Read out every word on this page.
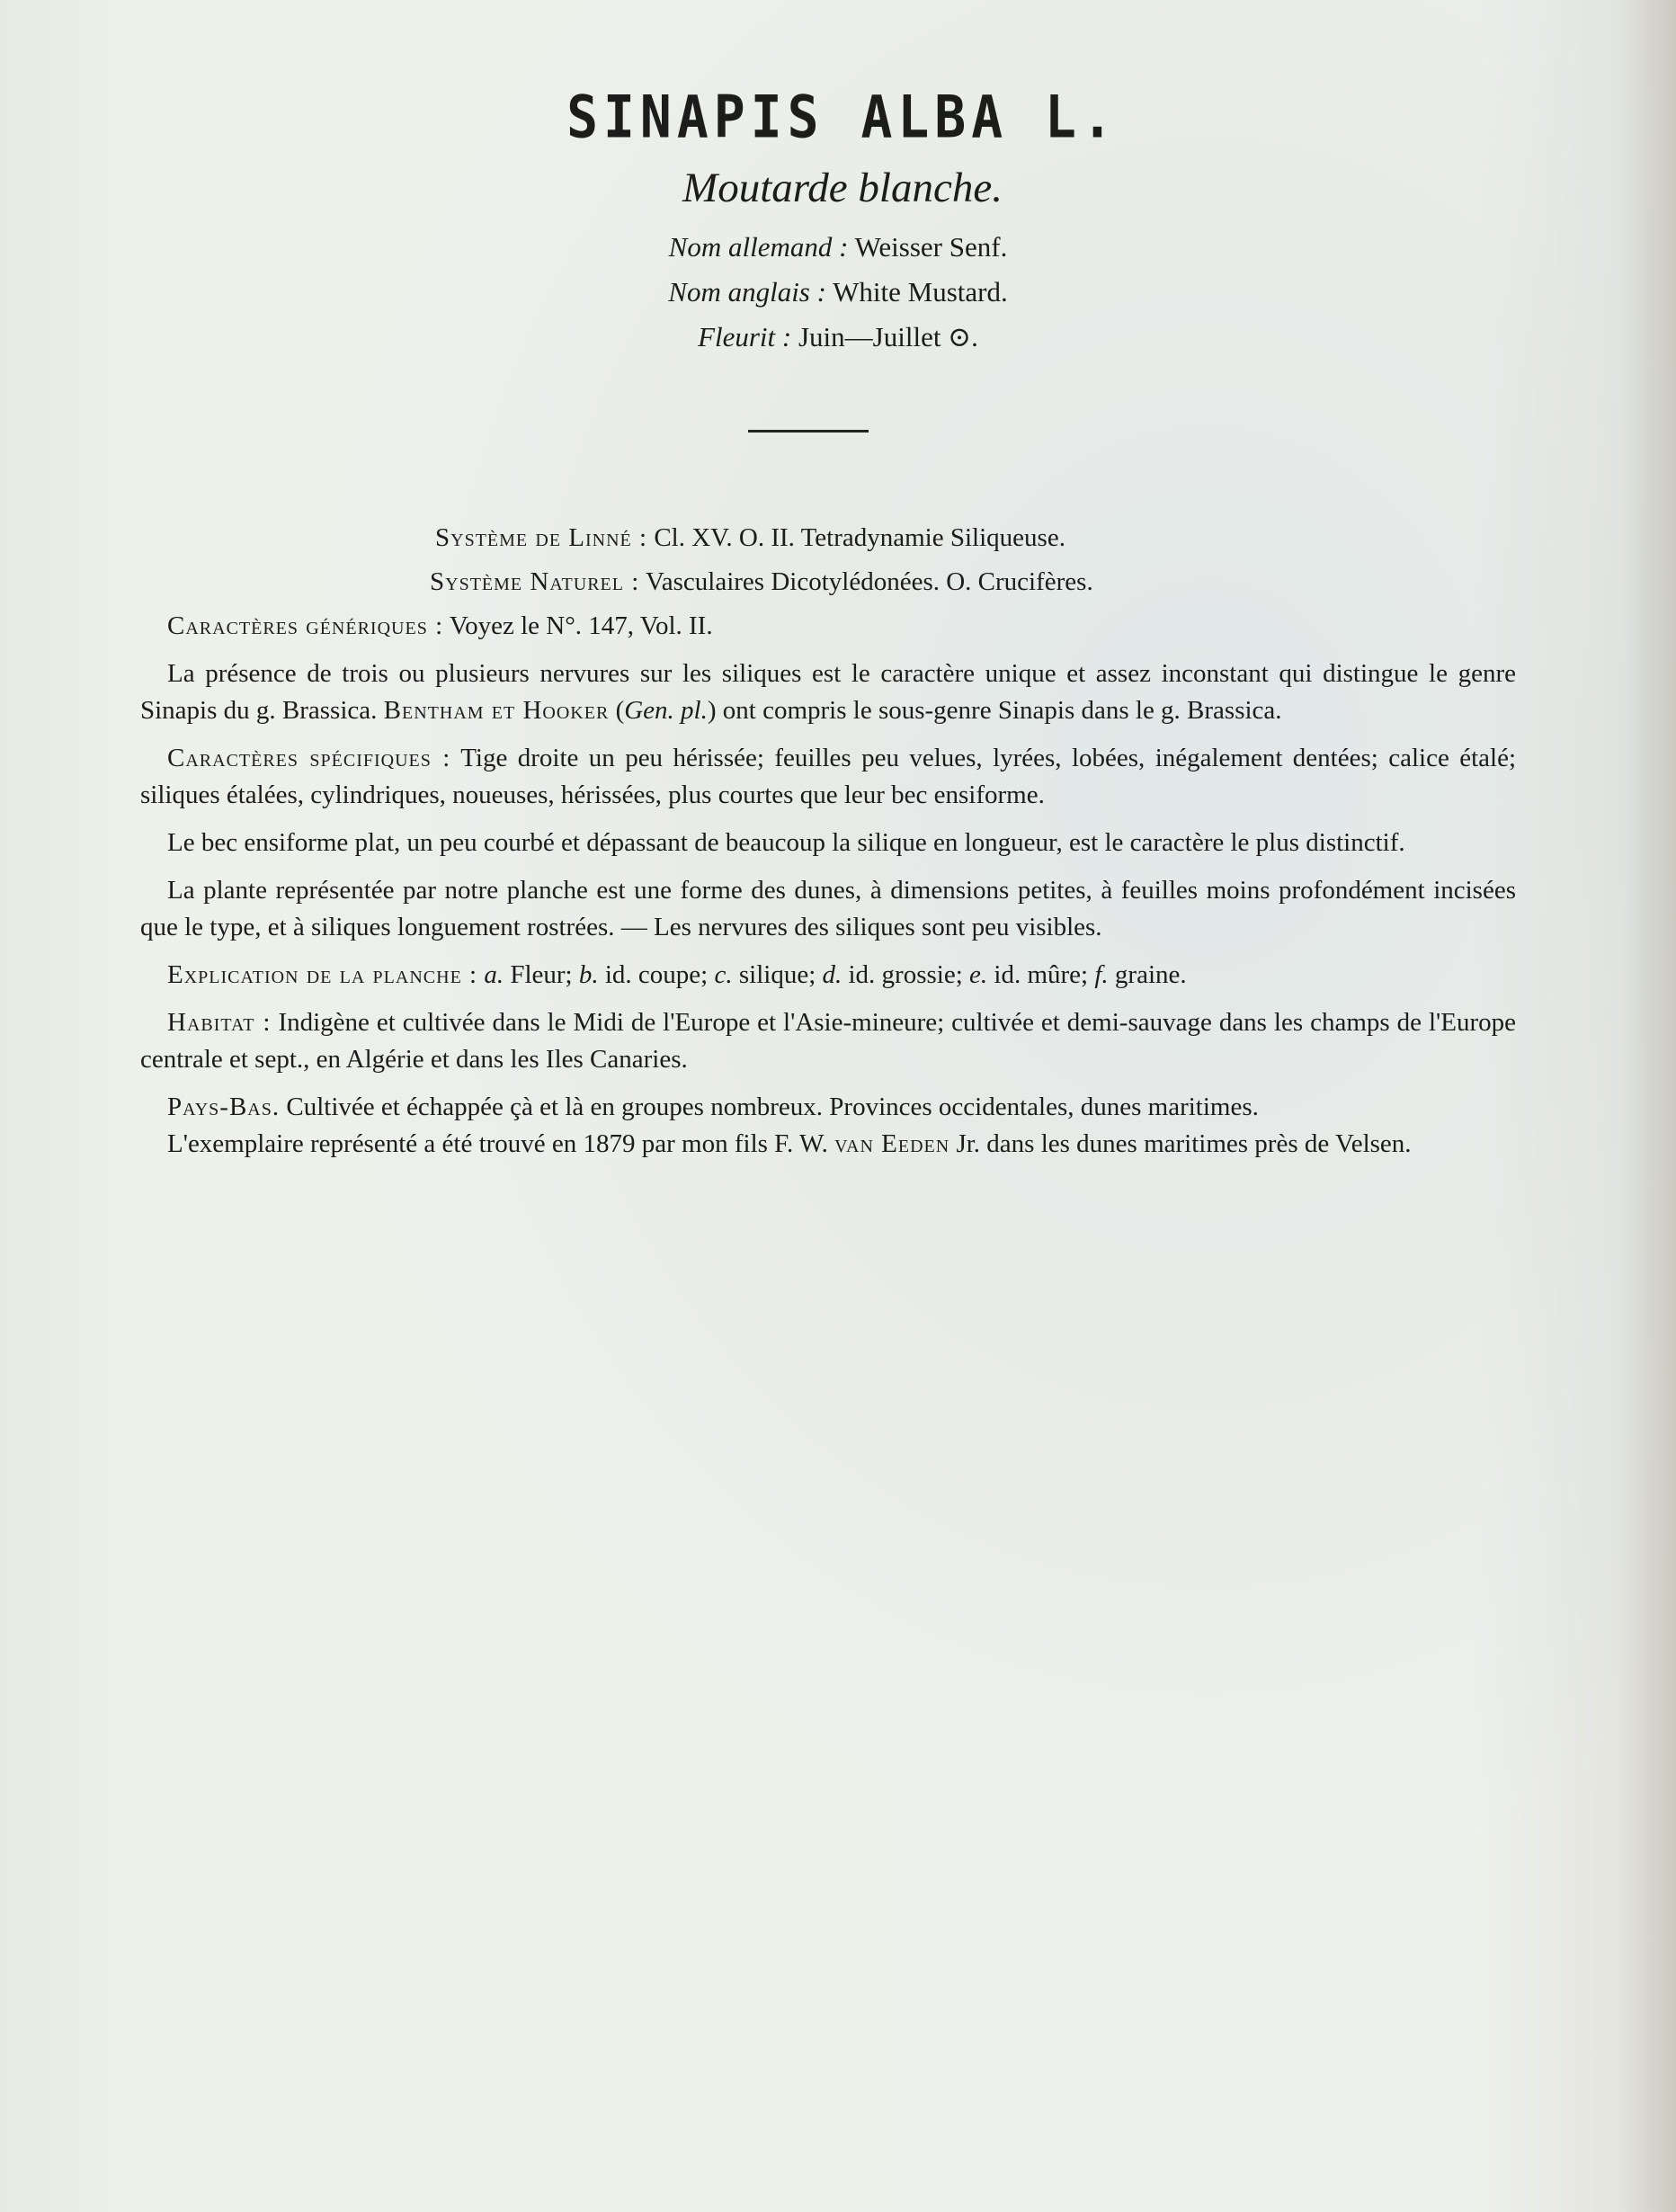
SINAPIS ALBA L.
Moutarde blanche.
Nom allemand : Weisser Senf.
Nom anglais : White Mustard.
Fleurit : Juin—Juillet ⊙.

Système de Linné : Cl. XV. O. II. Tetradynamie Siliqueuse.

Système Naturel : Vasculaires Dicotylédonées. O. Crucifères.

Caractères génériques : Voyez le N°. 147, Vol. II.

La présence de trois ou plusieurs nervures sur les siliques est le caractère unique et assez inconstant qui distingue le genre Sinapis du g. Brassica. Bentham et Hooker (Gen. pl.) ont compris le sous-genre Sinapis dans le g. Brassica.

Caractères spécifiques : Tige droite un peu hérissée; feuilles peu velues, lyrées, lobées, inégalement dentées; calice étalé; siliques étalées, cylindriques, noueuses, hérissées, plus courtes que leur bec ensiforme.

Le bec ensiforme plat, un peu courbé et dépassant de beaucoup la silique en longueur, est le caractère le plus distinctif.

La plante représentée par notre planche est une forme des dunes, à dimensions petites, à feuilles moins profondément incisées que le type, et à siliques longuement rostrées. — Les nervures des siliques sont peu visibles.

Explication de la planche : a. Fleur; b. id. coupe; c. silique; d. id. grossie; e. id. mûre; f. graine.

Habitat : Indigène et cultivée dans le Midi de l'Europe et l'Asie-mineure; cultivée et demi-sauvage dans les champs de l'Europe centrale et sept., en Algérie et dans les Iles Canaries.

Pays-Bas. Cultivée et échappée çà et là en groupes nombreux. Provinces occidentales, dunes maritimes.

L'exemplaire représenté a été trouvé en 1879 par mon fils F. W. van Eeden Jr. dans les dunes maritimes près de Velsen.
